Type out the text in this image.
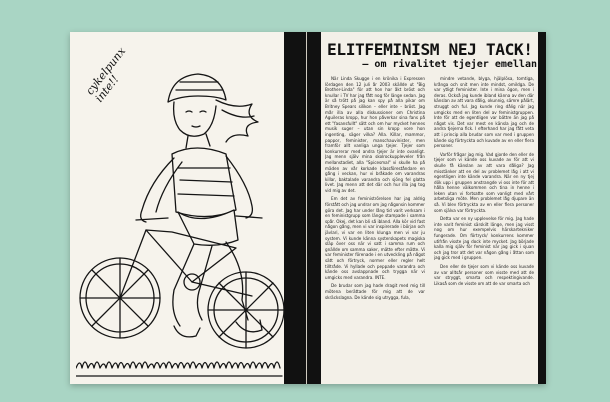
cykelpunx
inte!!
ELITFEMINISM NEJ TACK!
– om rivalitet tjejer emellan

När Linda Skugge i en krönika i Expressen lördagen den 12 juli år 2003 skällde ut "Big Brother-Linda" för att hon har åkt bröst och knullar i TV har jag fått nog för länge sedan. Jag är så trött på jag kan spy på alla pikar om Britney Spears silikon – eller inte – bröst. Jag mår illa av alla diskussioner om Christina Aguileras kropp, hur hon påverkar sina fans på ett "fasansfullt" sätt och om hur mycket hennes musik suger – utan sin kropp vore hon ingenting, säger vilka? Alla. Killar, mammor, pappor, feminister, manschauvinister, men framför allt vanliga unga tjejer. Tjejer som konkurrerar med andra tjejer är inte ovanligt. Jag menn själv mina skolrockuppleveler från mellanstadiet, alla "Spicesmal" vi skulle ha på mäden av vår korkade klassföreståndare en gång i veckan, hur vi bråkade om varandras killar, baktalade varandra och sjöng fel glatta livet. Jag menn att det där och hur illa jag tog vid mig av det.

Em det av feministrörelsen har jag aldrig förstått och jag undrar om jag någonsin kommer göra det. Jag har under lång tid varit verksam i en feministgrupp som länge stampade i samma spår. Okej, det kan bli så ibland. Alla kör vid fast någon gång, men vi var inspirerade i början och jävlari, vi var en liten klunga men vi var ju system. Vi kunde känna systerskapets magiska släp över oss när vi satt i samma rum och gnällde om samma saker, mätte efter mätte. Vi var feminister förenade i en utveckling på något sätt och förtryck, normer eller regler helt tilltråde. Vi hyllade och peppade varandra och kände oss avslappnade och trygga när vi umgicks med varandra. INTE.

De brudar som jag hade dragit med mig till mötena berättade för mig att de var skräckslagna. De kände sig utrygga, fula,

mindre vetande, blyga, hjälplösa, tomtiga, krånga och snit men inte mindst, omildga. De var ytligt feminister. Inte i mina ögon, men i deras. Också jag kunde ibland känna av den där känslan av att vara dålig, okunnig, sämre pålärt, struggt och ful. Jag kunde ring dålig när jag umgicks med en liten del av feministgruppen. Inte för att de egentligen var bättre än jag på något vis. Det var mest en känsla jag och de andra tjejerna fick. I efterhand har jag fått veta att i princip alla brudar som var med i gruppen kände sig förtryckta och kuvade av en eller flera personer.

Varför frågar jag mig. Vad gjorde den eller de tjejer som vi kände oss kuvade av för att vi skulle få känslan av att vara dåliga? Jag misstänker att en del av problemet låg i att vi egentligen inte kände varandra. När en ny tjej dök upp i gruppen anstrangde vi oss inte för att hålla henne välkommen och tina in henne i leken utan vi fortsatte som vanligt med vårt arbetsliga möte. Men problemet låg djupare än så. Vi blev förtryckta av en eller flera personer som själva var förtryckta.

Detta var en ny upplevelse för mig. Jag hade inte varit feminist särskilt länge, men jag visst nog om hur exempelvis härskartekniker fungerade. Om förtryck/ konkurrens kommer utifrån visste jag dock inte mycket. Jag började kalla mig själv för feminist när jag gick i sjuan och jag tror att det var någon gång i åttan som jag gick med i gruppen.

Den eller de tjejer som vi kände oss kuvade av var alltsår personer som visste med att de var stryggt, smarta och respektingivande. Likaså som de visste om att de var smarta och
